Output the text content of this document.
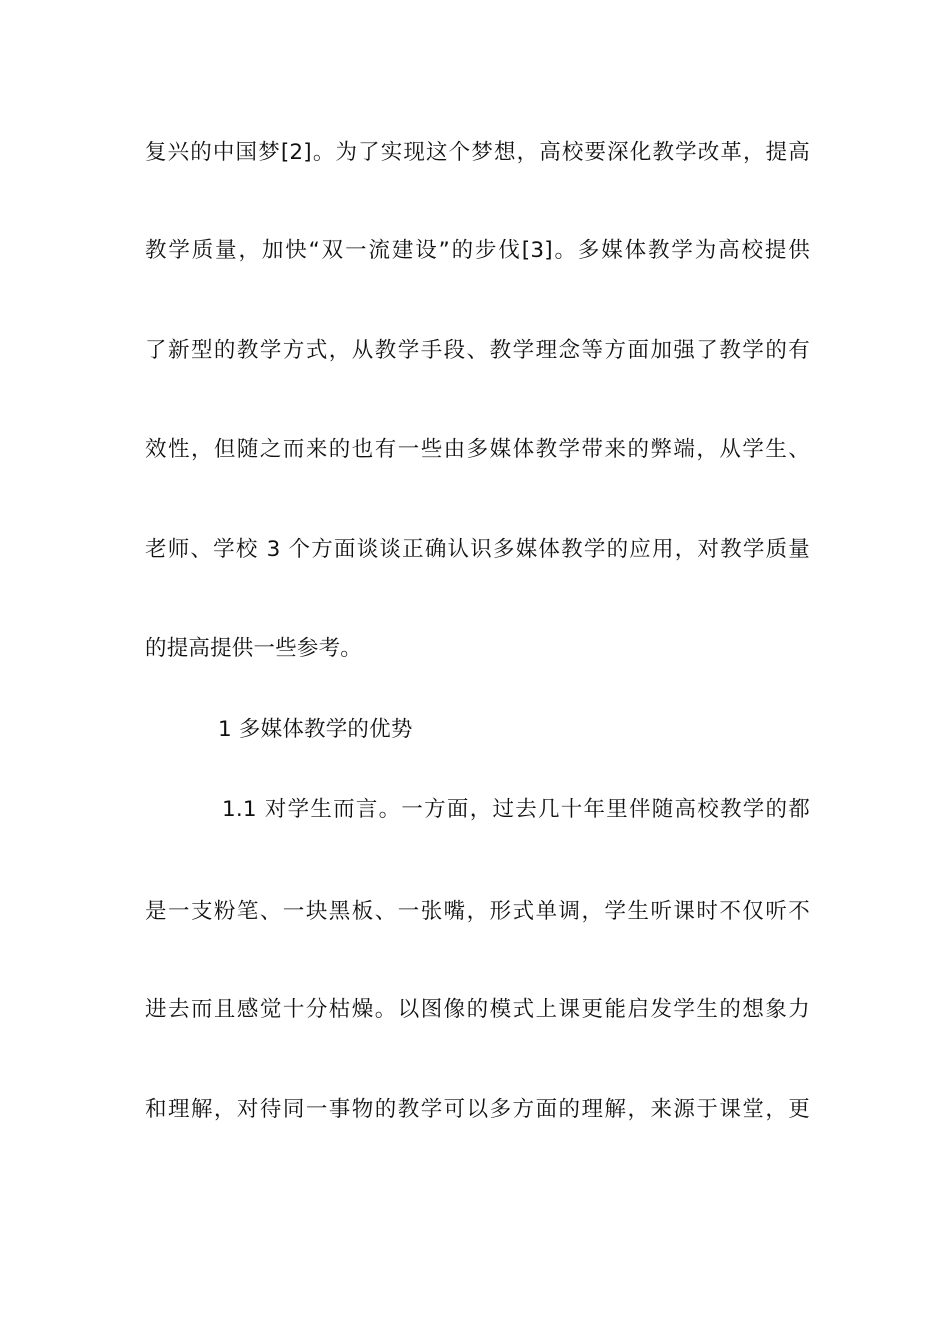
复兴的中国梦[2]。为了实现这个梦想，高校要深化教学改革，提高
教学质量，加快“双一流建设”的步伐[3]。多媒体教学为高校提供
了新型的教学方式，从教学手段、教学理念等方面加强了教学的有
效性，但随之而来的也有一些由多媒体教学带来的弊端，从学生、
老师、学校 3 个方面谈谈正确认识多媒体教学的应用，对教学质量
的提高提供一些参考。
1 多媒体教学的优势
1.1 对学生而言。一方面，过去几十年里伴随高校教学的都
是一支粉笔、一块黑板、一张嘴，形式单调，学生听课时不仅听不
进去而且感觉十分枯燥。以图像的模式上课更能启发学生的想象力
和理解，对待同一事物的教学可以多方面的理解，来源于课堂，更
